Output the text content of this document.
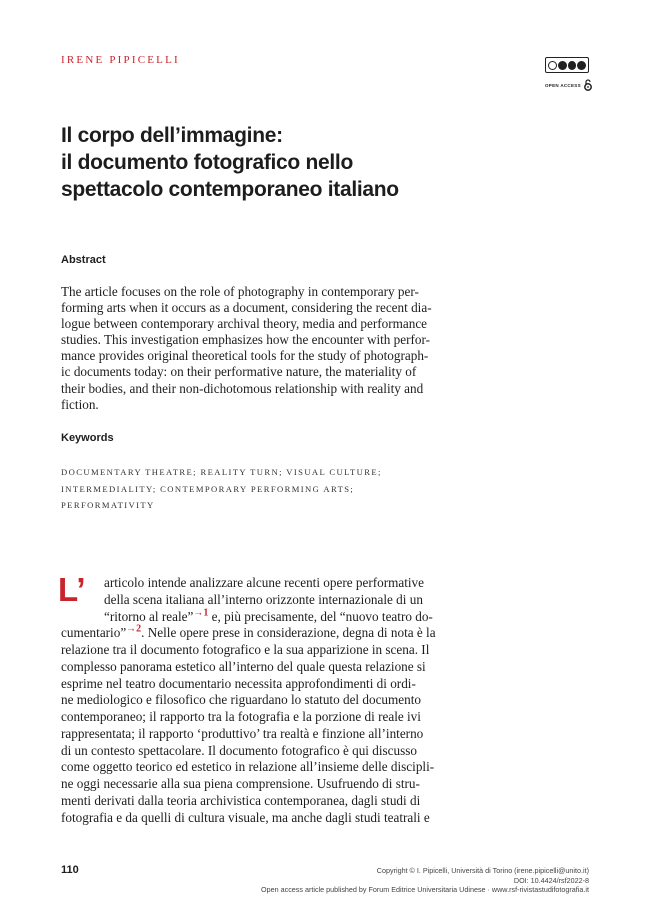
IRENE PIPICELLI
OPEN ACCESS
Il corpo dell’immagine:
il documento fotografico nello
spettacolo contemporaneo italiano
Abstract
The article focuses on the role of photography in contemporary per-
forming arts when it occurs as a document, considering the recent dia-
logue between contemporary archival theory, media and performance
studies. This investigation emphasizes how the encounter with perfor-
mance provides original theoretical tools for the study of photograph-
ic documents today: on their performative nature, the materiality of
their bodies, and their non-dichotomous relationship with reality and
fiction.
Keywords
DOCUMENTARY THEATRE; REALITY TURN; VISUAL CULTURE;
INTERMEDIALITY; CONTEMPORARY PERFORMING ARTS;
PERFORMATIVITY
L’	articolo intende analizzare alcune recenti opere performative
della scena italiana all’interno orizzonte internazionale di un
“ritorno al reale”$^{\to 1}$ e, più precisamente, del “nuovo teatro do-
cumentario”$^{\to 2}$. Nelle opere prese in considerazione, degna di nota è la
relazione tra il documento fotografico e la sua apparizione in scena. Il
complesso panorama estetico all’interno del quale questa relazione si
esprime nel teatro documentario necessita approfondimenti di ordi-
ne mediologico e filosofico che riguardano lo statuto del documento
contemporaneo; il rapporto tra la fotografia e la porzione di reale ivi
rappresentata; il rapporto ‘produttivo’ tra realtà e finzione all’interno
di un contesto spettacolare. Il documento fotografico è qui discusso
come oggetto teorico ed estetico in relazione all’insieme delle discipli-
ne oggi necessarie alla sua piena comprensione. Usufruendo di stru-
menti derivati dalla teoria archivistica contemporanea, dagli studi di
fotografia e da quelli di cultura visuale, ma anche dagli studi teatrali e
110	Copyright © I. Pipicelli, Università di Torino (irene.pipicelli@unito.it)
DOI: 10.4424/rsf2022-8
Open access article published by Forum Editrice Universitaria Udinese · www.rsf-rivistastudifotografia.it
